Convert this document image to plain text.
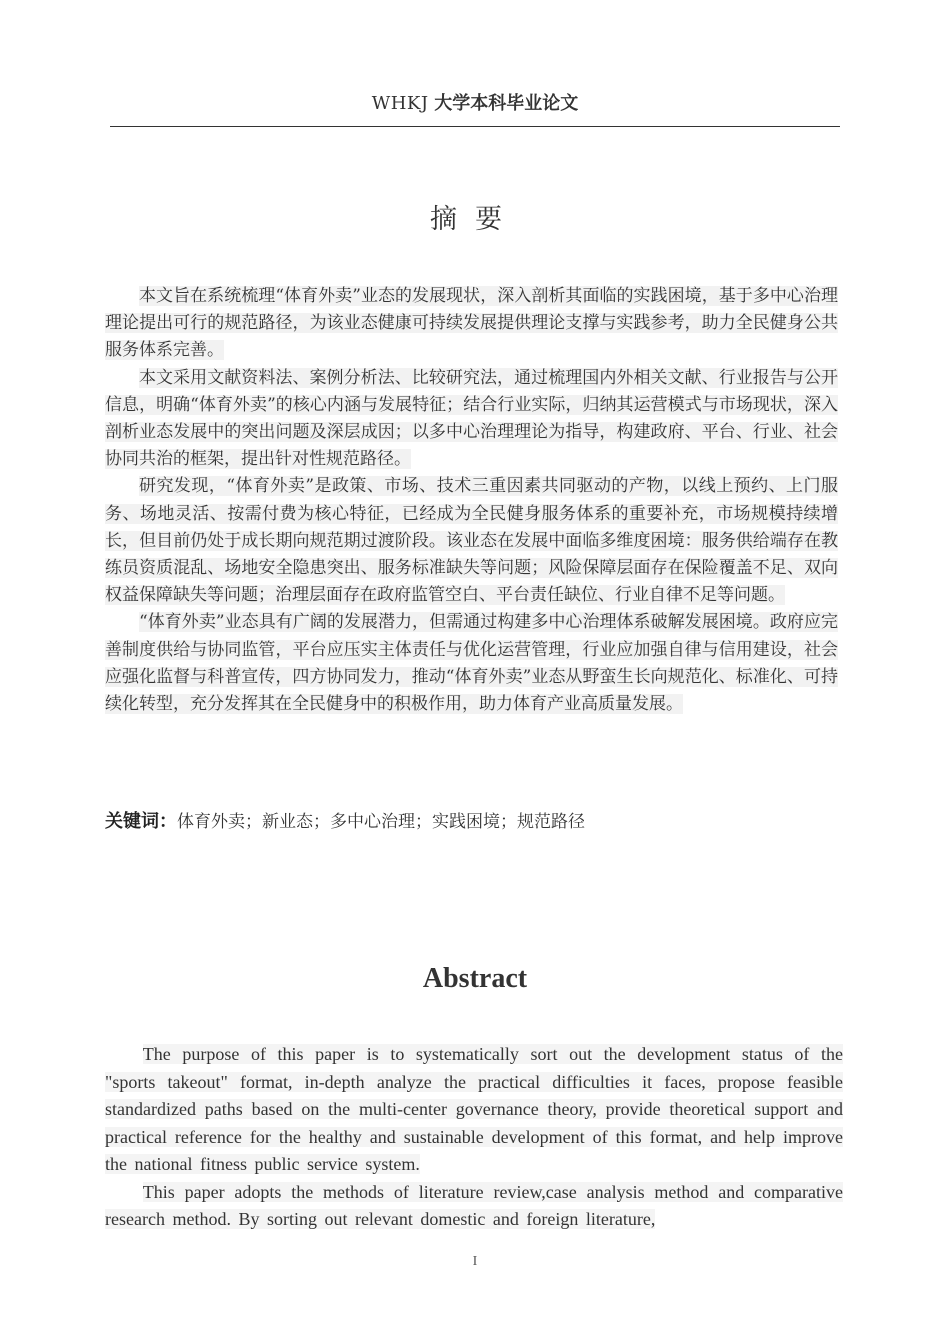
WHKJ 大学本科毕业论文
摘要

本文旨在系统梳理“体育外卖”业态的发展现状，深入剖析其面临的实践困境，基于多中心治理理论提出可行的规范路径，为该业态健康可持续发展提供理论支撑与实践参考，助力全民健身公共服务体系完善。

本文采用文献资料法、案例分析法、比较研究法，通过梳理国内外相关文献、行业报告与公开信息，明确“体育外卖”的核心内涵与发展特征；结合行业实际，归纳其运营模式与市场现状，深入剖析业态发展中的突出问题及深层成因；以多中心治理理论为指导，构建政府、平台、行业、社会协同共治的框架，提出针对性规范路径。

研究发现，“体育外卖”是政策、市场、技术三重因素共同驱动的产物，以线上预约、上门服务、场地灵活、按需付费为核心特征，已经成为全民健身服务体系的重要补充，市场规模持续增长，但目前仍处于成长期向规范期过渡阶段。该业态在发展中面临多维度困境：服务供给端存在教练员资质混乱、场地安全隐患突出、服务标准缺失等问题；风险保障层面存在保险覆盖不足、双向权益保障缺失等问题；治理层面存在政府监管空白、平台责任缺位、行业自律不足等问题。

“体育外卖”业态具有广阔的发展潜力，但需通过构建多中心治理体系破解发展困境。政府应完善制度供给与协同监管，平台应压实主体责任与优化运营管理，行业应加强自律与信用建设，社会应强化监督与科普宣传，四方协同发力，推动“体育外卖”业态从野蛮生长向规范化、标准化、可持续化转型，充分发挥其在全民健身中的积极作用，助力体育产业高质量发展。

关键词：体育外卖；新业态；多中心治理；实践困境；规范路径
Abstract

The purpose of this paper is to systematically sort out the development status of the "sports takeout" format, in-depth analyze the practical difficulties it faces, propose feasible standardized paths based on the multi-center governance theory, provide theoretical support and practical reference for the healthy and sustainable development of this format, and help improve the national fitness public service system.

This paper adopts the methods of literature review,case analysis method and comparative research method. By sorting out relevant domestic and foreign literature,

I
